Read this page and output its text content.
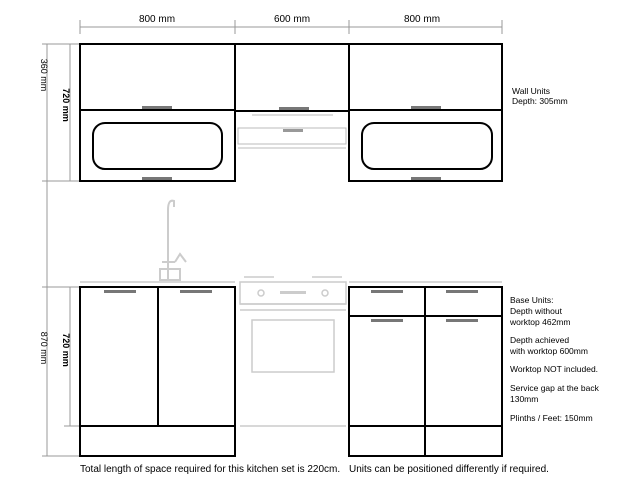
800 mm	600 mm	800 mm
360 mm
870 mm
720 mm
720 mm
Wall Units
Depth: 305mm
Base Units:
Depth without
worktop 462mm
Depth achieved
with worktop 600mm
Worktop NOT included.
Service gap at the back
130mm
Plinths / Feet: 150mm
Total length of space required for this kitchen set is 220cm. Units can be positioned differently if required.
